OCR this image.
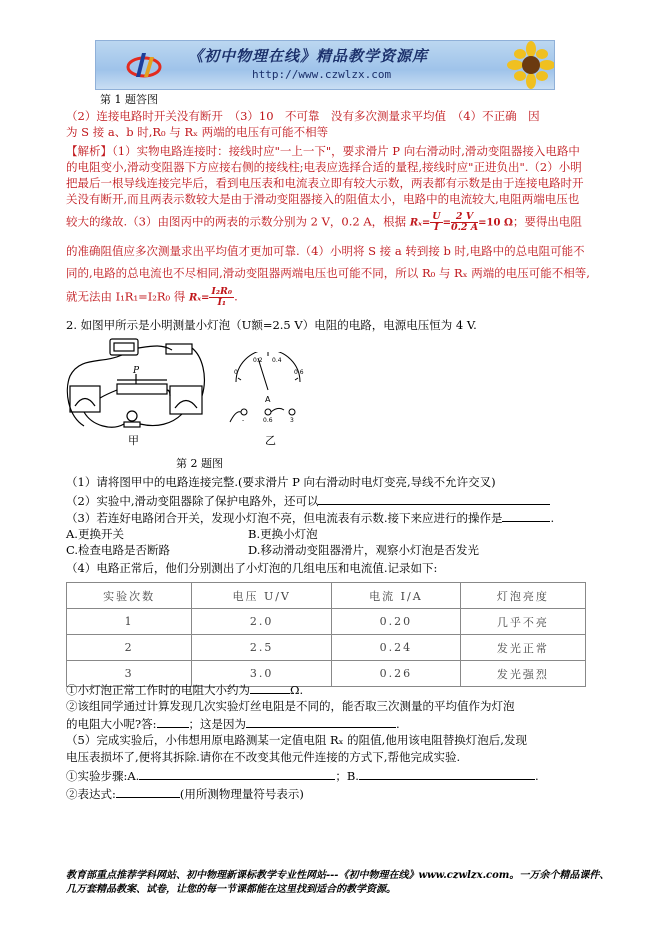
《初中物理在线》精品教学资源库
http://www.czwlzx.com
第 1 题答图
（2）连接电路时开关没有断开　（3）10　不可靠　没有多次测量求平均值　（4）不正确　因
为 S 接 a、b 时,R₀ 与 Rₓ 两端的电压有可能不相等
【解析】（1）实物电路连接时：接线时应"一上一下"，要求滑片 P 向右滑动时,滑动变阻器接入电路中
的电阻变小,滑动变阻器下方应接右侧的接线柱;电表应选择合适的量程,接线时应"正进负出".（2）小明
把最后一根导线连接完毕后，看到电压表和电流表立即有较大示数，两表都有示数是由于连接电路时开
关没有断开,而且两表示数较大是由于滑动变阻器接入的阻值太小，电路中的电流较大,电阻两端电压也
较大的缘故.（3）由图丙中的两表的示数分别为 2 V，0.2 A，根据 $R_x= \frac{U}{I} = \frac{2 V}{0.2 A} =10$ Ω；要得出电阻
的准确阻值应多次测量求出平均值才更加可靠.（4）小明将 S 接 a 转到接 b 时,电路中的总电阻可能不
同的,电路的总电流也不尽相同,滑动变阻器两端电压也可能不同，所以 R₀ 与 Rₓ 两端的电压可能不相等,
就无法由 I₁R₁=I₂R₀ 得 $R_x= \frac{\text{I₂R₀}}{\text{I₁}}$ .
2. 如图甲所示是小明测量小灯泡（U额=2.5 V）电阻的电路，电源电压恒为 4 V.
P	0
0.2 0.4
0.6
A
-	0.6	3
甲	乙
第 2 题图
（1）请将图甲中的电路连接完整.(要求滑片 P 向右滑动时电灯变亮,导线不允许交叉)
（2）实验中,滑动变阻器除了保护电路外，还可以
（3）若连好电路闭合开关，发现小灯泡不亮，但电流表有示数.接下来应进行的操作是	.
A.更换开关	B.更换小灯泡
C.检查电路是否断路	D.移动滑动变阻器滑片，观察小灯泡是否发光
（4）电路正常后，他们分别测出了小灯泡的几组电压和电流值.记录如下:
实验次数	电压 U/V	电流 I/A	灯泡亮度
1	2.0	0.20	几乎不亮
2	2.5	0.24	发光正常
3	3.0	0.26	发光强烈
①小灯泡正常工作时的电阻大小约为	Ω.
②该组同学通过计算发现几次实验灯丝电阻是不同的，能否取三次测量的平均值作为灯泡
的电阻大小呢?答:	；这是因为	.
（5）完成实验后，小伟想用原电路测某一定值电阻 Rₓ 的阻值,他用该电阻替换灯泡后,发现
电压表损坏了,便将其拆除.请你在不改变其他元件连接的方式下,帮他完成实验.
①实验步骤:A.	；B.	.
②表达式:	(用所测物理量符号表示)
教育部重点推荐学科网站、初中物理新课标教学专业性网站---《初中物理在线》www.czwlzx.com。一万余个精品课件、
几万套精品教案、试卷，让您的每一节课都能在这里找到适合的教学资源。
